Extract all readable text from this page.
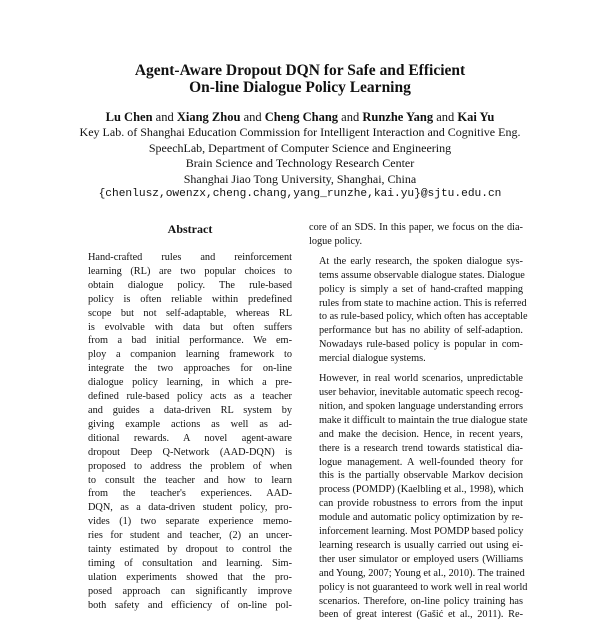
Agent-Aware Dropout DQN for Safe and Efficient
On-line Dialogue Policy Learning
Lu Chen and Xiang Zhou and Cheng Chang and Runzhe Yang and Kai Yu
Key Lab. of Shanghai Education Commission for Intelligent Interaction and Cognitive Eng.
SpeechLab, Department of Computer Science and Engineering
Brain Science and Technology Research Center
Shanghai Jiao Tong University, Shanghai, China
{chenlusz,owenzx,cheng.chang,yang_runzhe,kai.yu}@sjtu.edu.cn
Abstract

Hand-crafted rules and reinforcement
learning (RL) are two popular choices to
obtain dialogue policy. The rule-based
policy is often reliable within predefined
scope but not self-adaptable, whereas RL
is evolvable with data but often suffers
from a bad initial performance. We em-
ploy a companion learning framework to
integrate the two approaches for on-line
dialogue policy learning, in which a pre-
defined rule-based policy acts as a teacher
and guides a data-driven RL system by
giving example actions as well as ad-
ditional rewards. A novel agent-aware
dropout Deep Q-Network (AAD-DQN) is
proposed to address the problem of when
to consult the teacher and how to learn
from the teacher's experiences. AAD-
DQN, as a data-driven student policy, pro-
vides (1) two separate experience memo-
ries for student and teacher, (2) an uncer-
tainty estimated by dropout to control the
timing of consultation and learning. Sim-
ulation experiments showed that the pro-
posed approach can significantly improve
both safety and efficiency of on-line pol-

core of an SDS. In this paper, we focus on the dia-
logue policy.

At the early research, the spoken dialogue sys-
tems assume observable dialogue states. Dialogue
policy is simply a set of hand-crafted mapping
rules from state to machine action. This is referred
to as rule-based policy, which often has acceptable
performance but has no ability of self-adaption.
Nowadays rule-based policy is popular in com-
mercial dialogue systems.

However, in real world scenarios, unpredictable
user behavior, inevitable automatic speech recog-
nition, and spoken language understanding errors
make it difficult to maintain the true dialogue state
and make the decision. Hence, in recent years,
there is a research trend towards statistical dia-
logue management. A well-founded theory for
this is the partially observable Markov decision
process (POMDP) (Kaelbling et al., 1998), which
can provide robustness to errors from the input
module and automatic policy optimization by re-
inforcement learning. Most POMDP based policy
learning research is usually carried out using ei-
ther user simulator or employed users (Williams
and Young, 2007; Young et al., 2010). The trained
policy is not guaranteed to work well in real world
scenarios. Therefore, on-line policy training has
been of great interest (Gašić et al., 2011). Re-
